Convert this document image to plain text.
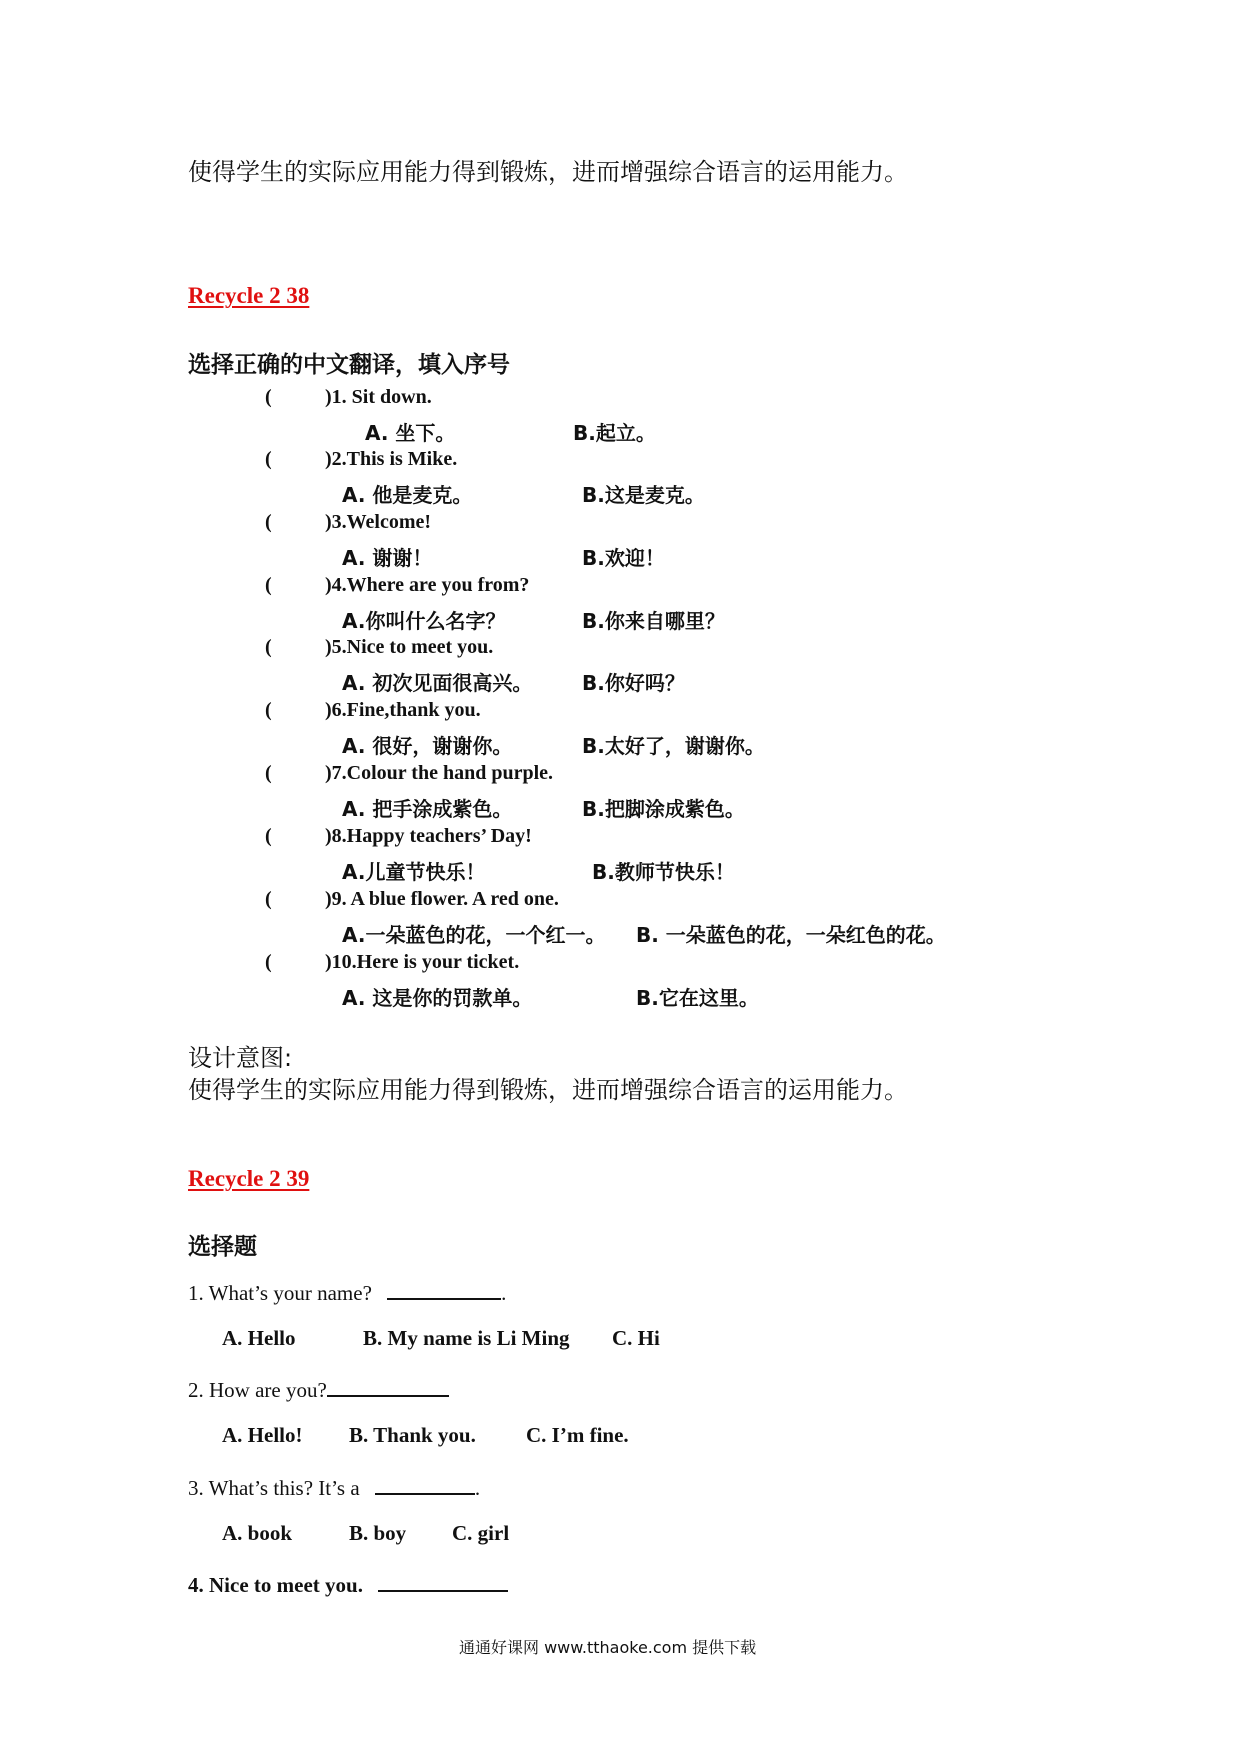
使得学生的实际应用能力得到锻炼，进而增强综合语言的运用能力。
Recycle 2 38
选择正确的中文翻译，填入序号
(	)1. Sit down.
A. 坐下。	B.起立。
(	)2.This is Mike.
A. 他是麦克。	B.这是麦克。
(	)3.Welcome!
A. 谢谢！	B.欢迎！
(	)4.Where are you from?
A.你叫什么名字？	B.你来自哪里？
(	)5.Nice to meet you.
A. 初次见面很高兴。 B.你好吗？
(	)6.Fine,thank you.
A. 很好，谢谢你。	B.太好了，谢谢你。
(	)7.Colour the hand purple.
A. 把手涂成紫色。	B.把脚涂成紫色。
(	)8.Happy teachers’ Day!
A.儿童节快乐！	B.教师节快乐！
(	)9. A blue flower. A red one.
A.一朵蓝色的花，一个红一。 B. 一朵蓝色的花，一朵红色的花。
(	)10.Here is your ticket.
A. 这是你的罚款单。	B.它在这里。
设计意图:
使得学生的实际应用能力得到锻炼，进而增强综合语言的运用能力。
Recycle 2 39
选择题
1. What’s your name?	.
A. Hello	B. My name is Li Ming C. Hi
2. How are you?
A. Hello! B. Thank you. C. I’m fine.
3. What’s this? It’s a	.
A. book	B. boy C. girl
4. Nice to meet you.
通通好课网 www.tthaoke.com 提供下载
